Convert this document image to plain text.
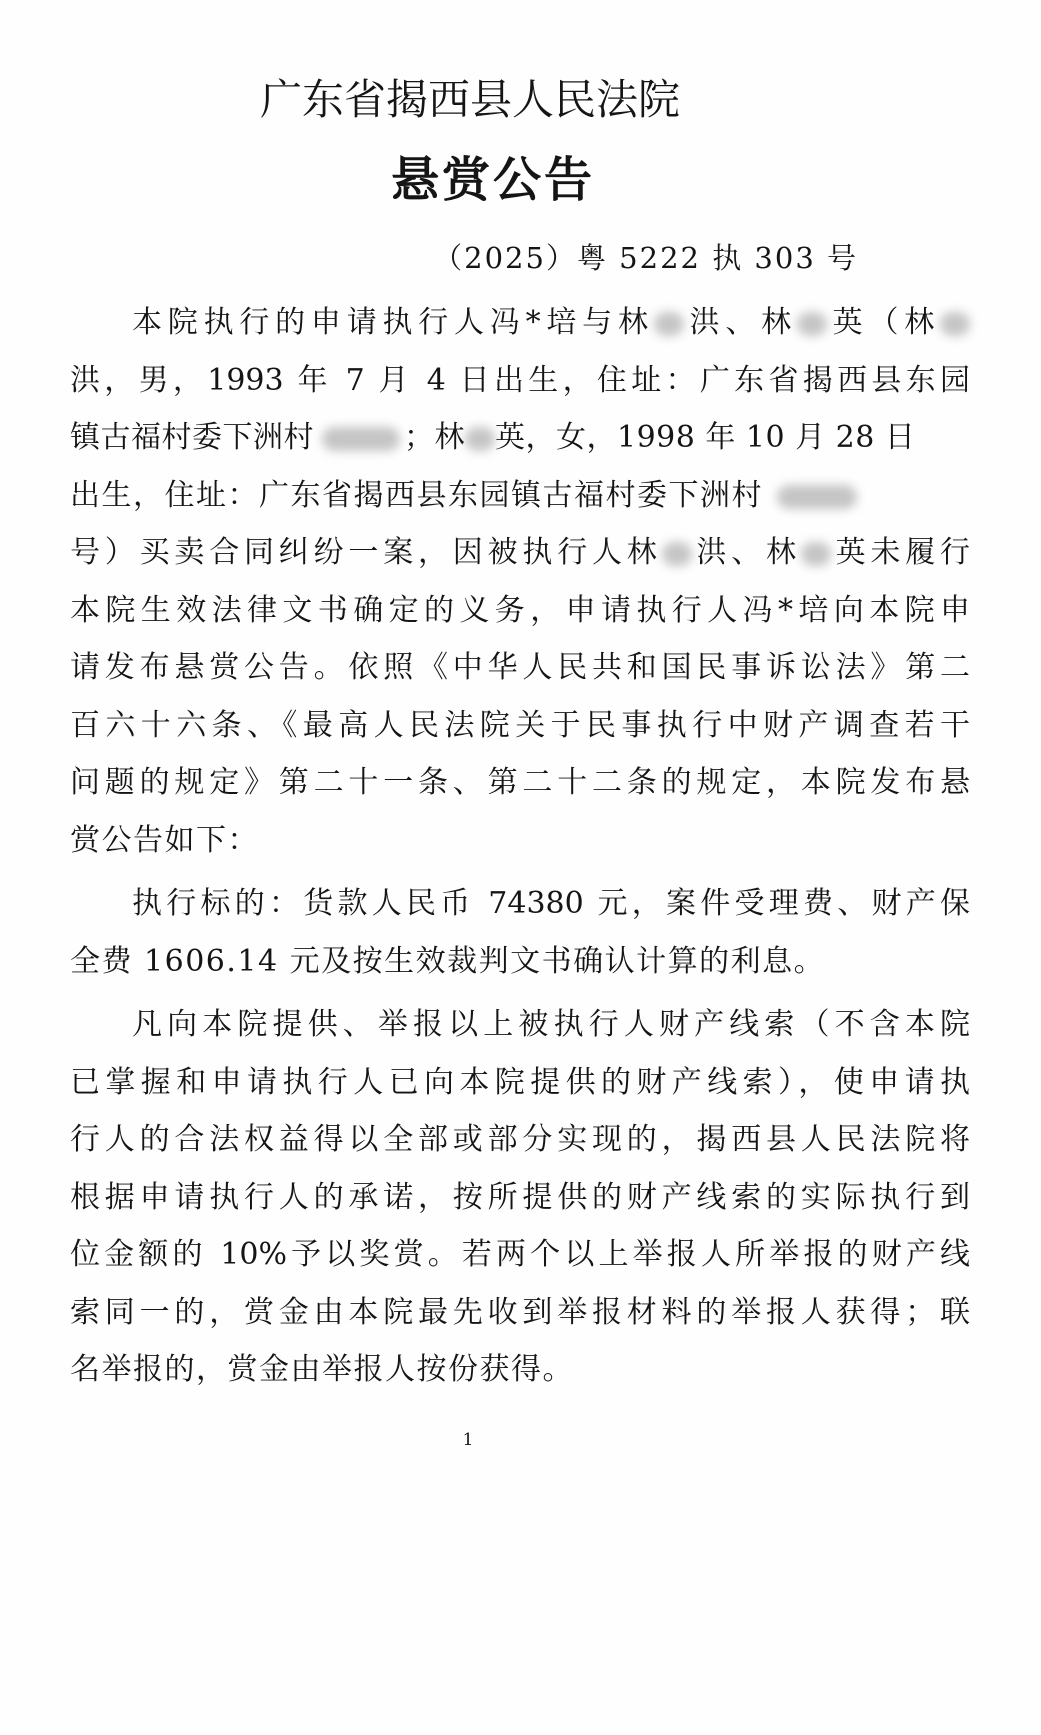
广东省揭西县人民法院
悬赏公告
（2025）粤 5222 执 303 号
本院执行的申请执行人冯*培与林 洪、林 英（林
洪，男，1993 年 7 月 4 日出生，住址：广东省揭西县东园
镇古福村委下洲村	；林 英，女，1998 年 10 月 28 日
出生，住址：广东省揭西县东园镇古福村委下洲村
号）买卖合同纠纷一案，因被执行人林 洪、林 英未履行
本院生效法律文书确定的义务，申请执行人冯*培向本院申
请发布悬赏公告。依照《中华人民共和国民事诉讼法》第二
百六十六条、《最高人民法院关于民事执行中财产调查若干
问题的规定》第二十一条、第二十二条的规定，本院发布悬
赏公告如下：
执行标的：货款人民币 74380 元，案件受理费、财产保
全费 1606.14 元及按生效裁判文书确认计算的利息。
凡向本院提供、举报以上被执行人财产线索（不含本院
已掌握和申请执行人已向本院提供的财产线索），使申请执
行人的合法权益得以全部或部分实现的，揭西县人民法院将
根据申请执行人的承诺，按所提供的财产线索的实际执行到
位金额的 10%予以奖赏。若两个以上举报人所举报的财产线
索同一的，赏金由本院最先收到举报材料的举报人获得；联
名举报的，赏金由举报人按份获得。
1
